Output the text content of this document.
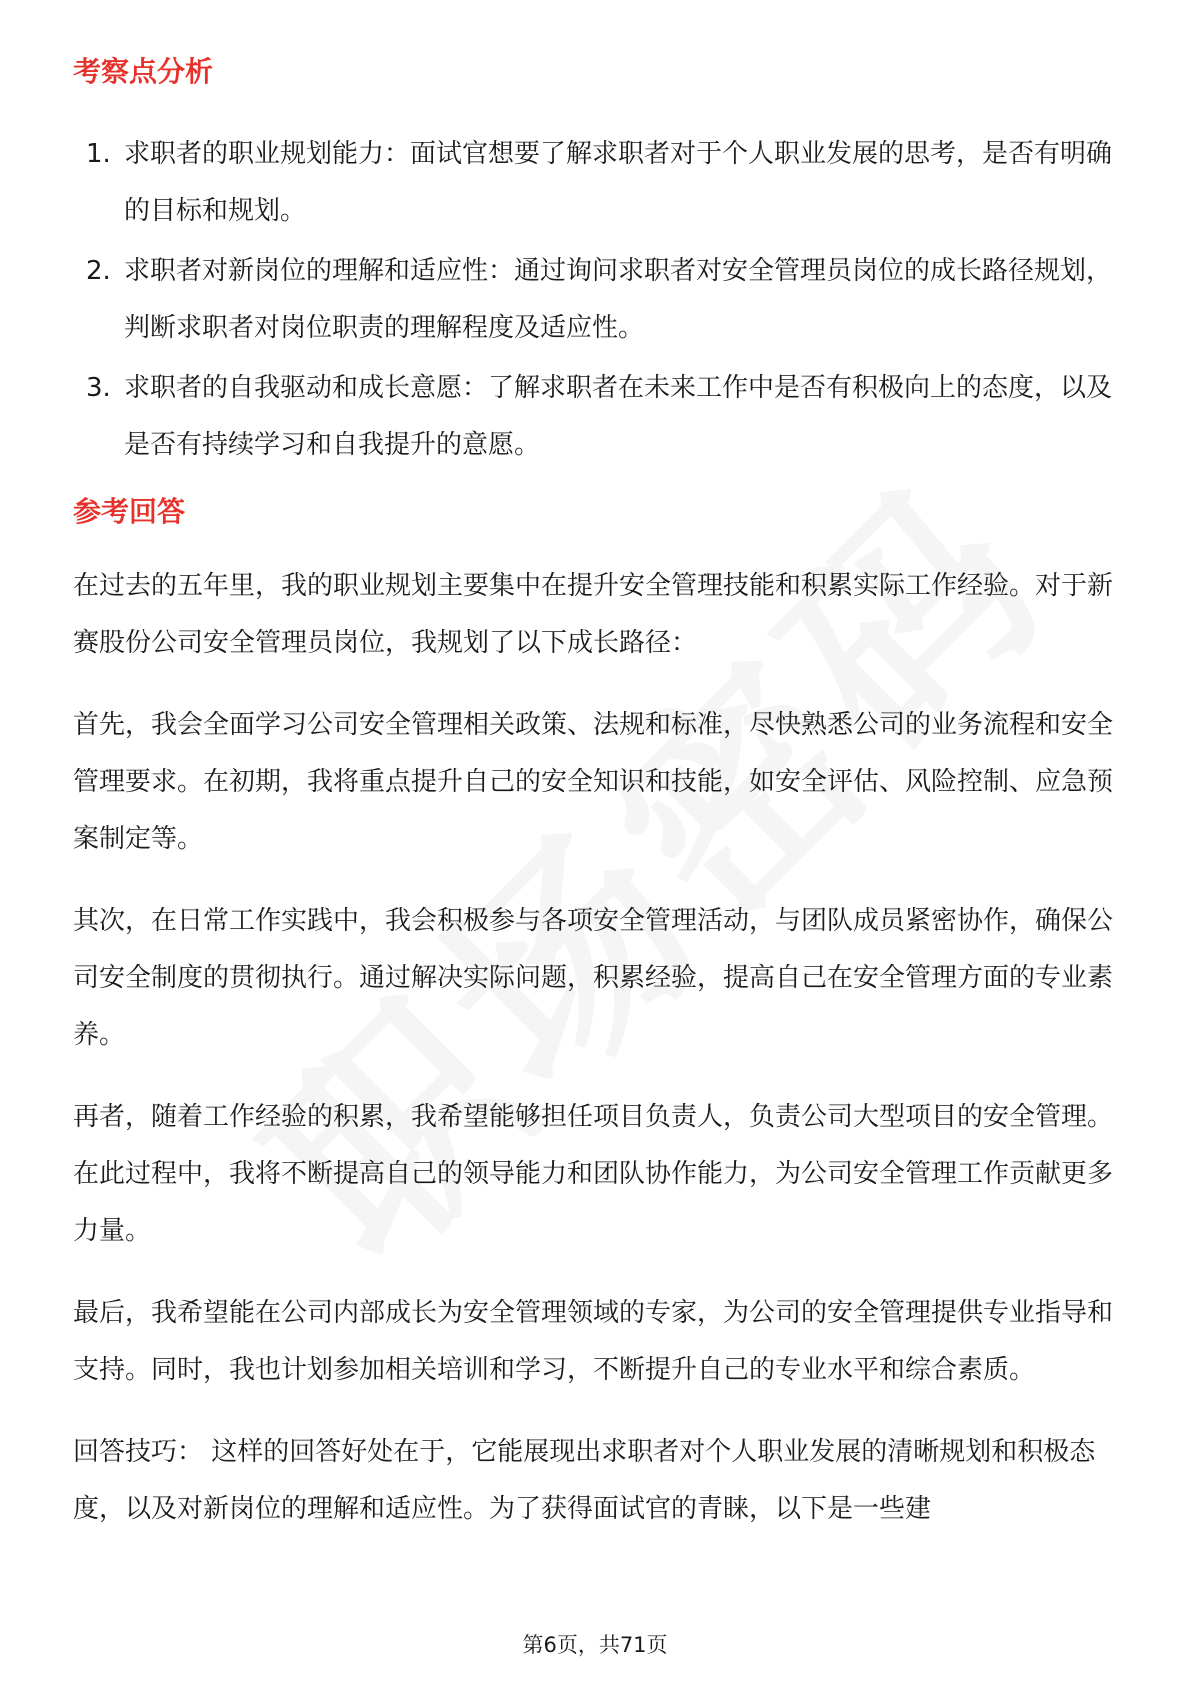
考察点分析
1. 求职者的职业规划能力：面试官想要了解求职者对于个人职业发展的思考，是否有明确的目标和规划。
2. 求职者对新岗位的理解和适应性：通过询问求职者对安全管理员岗位的成长路径规划，判断求职者对岗位职责的理解程度及适应性。
3. 求职者的自我驱动和成长意愿：了解求职者在未来工作中是否有积极向上的态度，以及是否有持续学习和自我提升的意愿。
参考回答

在过去的五年里，我的职业规划主要集中在提升安全管理技能和积累实际工作经验。对于新赛股份公司安全管理员岗位，我规划了以下成长路径：

首先，我会全面学习公司安全管理相关政策、法规和标准，尽快熟悉公司的业务流程和安全管理要求。在初期，我将重点提升自己的安全知识和技能，如安全评估、风险控制、应急预案制定等。

其次，在日常工作实践中，我会积极参与各项安全管理活动，与团队成员紧密协作，确保公司安全制度的贯彻执行。通过解决实际问题，积累经验，提高自己在安全管理方面的专业素养。

再者，随着工作经验的积累，我希望能够担任项目负责人，负责公司大型项目的安全管理。在此过程中，我将不断提高自己的领导能力和团队协作能力，为公司安全管理工作贡献更多力量。

最后，我希望能在公司内部成长为安全管理领域的专家，为公司的安全管理提供专业指导和支持。同时，我也计划参加相关培训和学习，不断提升自己的专业水平和综合素质。

回答技巧： 这样的回答好处在于，它能展现出求职者对个人职业发展的清晰规划和积极态度，以及对新岗位的理解和适应性。为了获得面试官的青睐，以下是一些建

第6页，共71页
